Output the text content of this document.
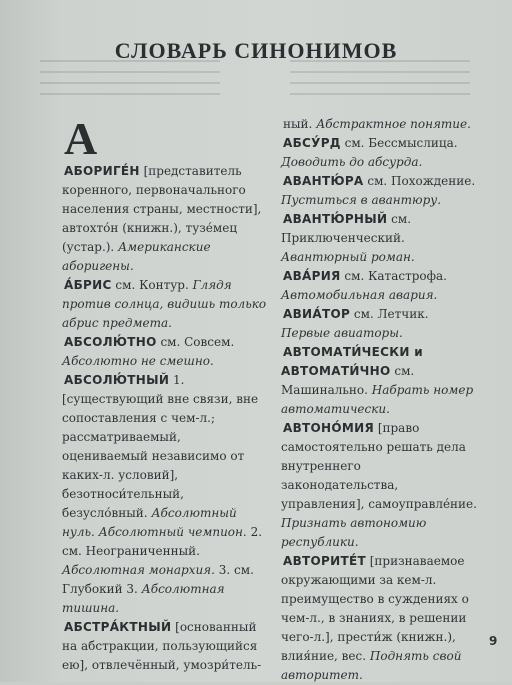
СЛОВАРЬ СИНОНИМОВ
А

АБОРИГЕ́Н [представитель коренного, первоначального населения страны, местности], автохто́н (книжн.), тузе́мец (устар.). Американские аборигены.

А́БРИС см. Контур. Глядя против солнца, видишь только абрис предмета.

АБСОЛЮ́ТНО см. Совсем. Абсолютно не смешно.

АБСОЛЮ́ТНЫЙ 1. [существующий вне связи, вне сопоставления с чем-л.; рассматриваемый, оцениваемый независимо от каких-л. условий], безотноси́тельный, безусло́вный. Абсолютный нуль. Абсолютный чемпион. 2. см. Неограниченный. Абсолютная монархия. 3. см. Глубокий 3. Абсолютная тишина.

АБСТРА́КТНЫЙ [основанный на абстракции, пользующийся ею], отвлечённый, умозри́тель-

ный. Абстрактное понятие.

АБСУ́РД см. Бессмыслица. Доводить до абсурда.

АВАНТЮ́РА см. Похождение. Пуститься в авантюру.

АВАНТЮ́РНЫЙ см. Приключенческий. Авантюрный роман.

АВА́РИЯ см. Катастрофа. Автомобильная авария.

АВИА́ТОР см. Летчик. Первые авиаторы.

АВТОМАТИ́ЧЕСКИ и АВТОМАТИ́ЧНО см. Машинально. Набрать номер автоматически.

АВТОНО́МИЯ [право самостоятельно решать дела внутреннего законодательства, управления], самоуправле́ние. Признать автономию республики.

АВТОРИТЕ́Т [признаваемое окружающими за кем-л. преимущество в суждениях о чем-л., в знаниях, в решении чего-л.], прести́ж (книжн.), влия́ние, вес. Поднять свой авторитет.

9
